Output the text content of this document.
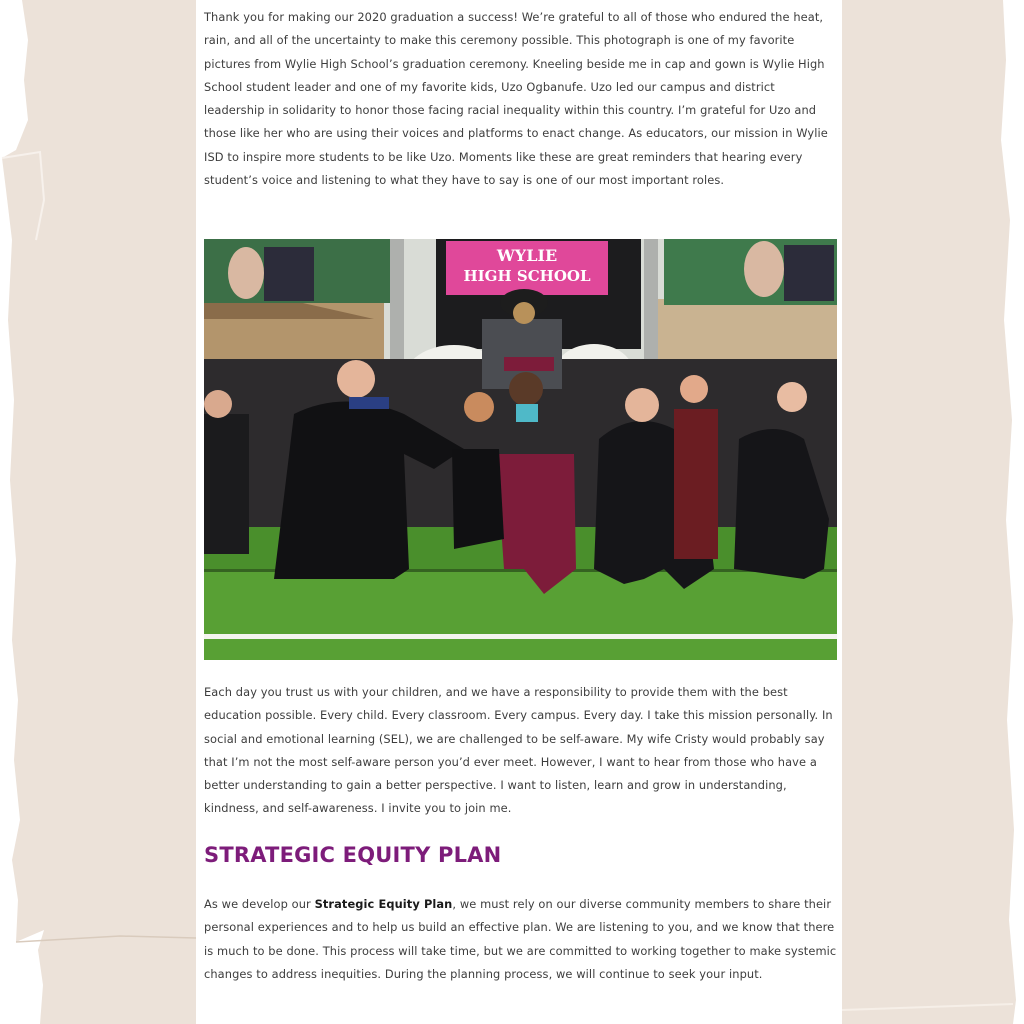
Thank you for making our 2020 graduation a success! We’re grateful to all of those who endured the heat, rain, and all of the uncertainty to make this ceremony possible. This photograph is one of my favorite pictures from Wylie High School’s graduation ceremony. Kneeling beside me in cap and gown is Wylie High School student leader and one of my favorite kids, Uzo Ogbanufe. Uzo led our campus and district leadership in solidarity to honor those facing racial inequality within this country. I’m grateful for Uzo and those like her who are using their voices and platforms to enact change. As educators, our mission in Wylie ISD to inspire more students to be like Uzo. Moments like these are great reminders that hearing every student’s voice and listening to what they have to say is one of our most important roles.

WYLIE
HIGH SCHOOL

Each day you trust us with your children, and we have a responsibility to provide them with the best education possible. Every child. Every classroom. Every campus. Every day. I take this mission personally. In social and emotional learning (SEL), we are challenged to be self-aware. My wife Cristy would probably say that I’m not the most self-aware person you’d ever meet. However, I want to hear from those who have a better understanding to gain a better perspective. I want to listen, learn and grow in understanding, kindness, and self-awareness. I invite you to join me.

STRATEGIC EQUITY PLAN

As we develop our Strategic Equity Plan, we must rely on our diverse community members to share their personal experiences and to help us build an effective plan. We are listening to you, and we know that there is much to be done. This process will take time, but we are committed to working together to make systemic changes to address inequities. During the planning process, we will continue to seek your input.
